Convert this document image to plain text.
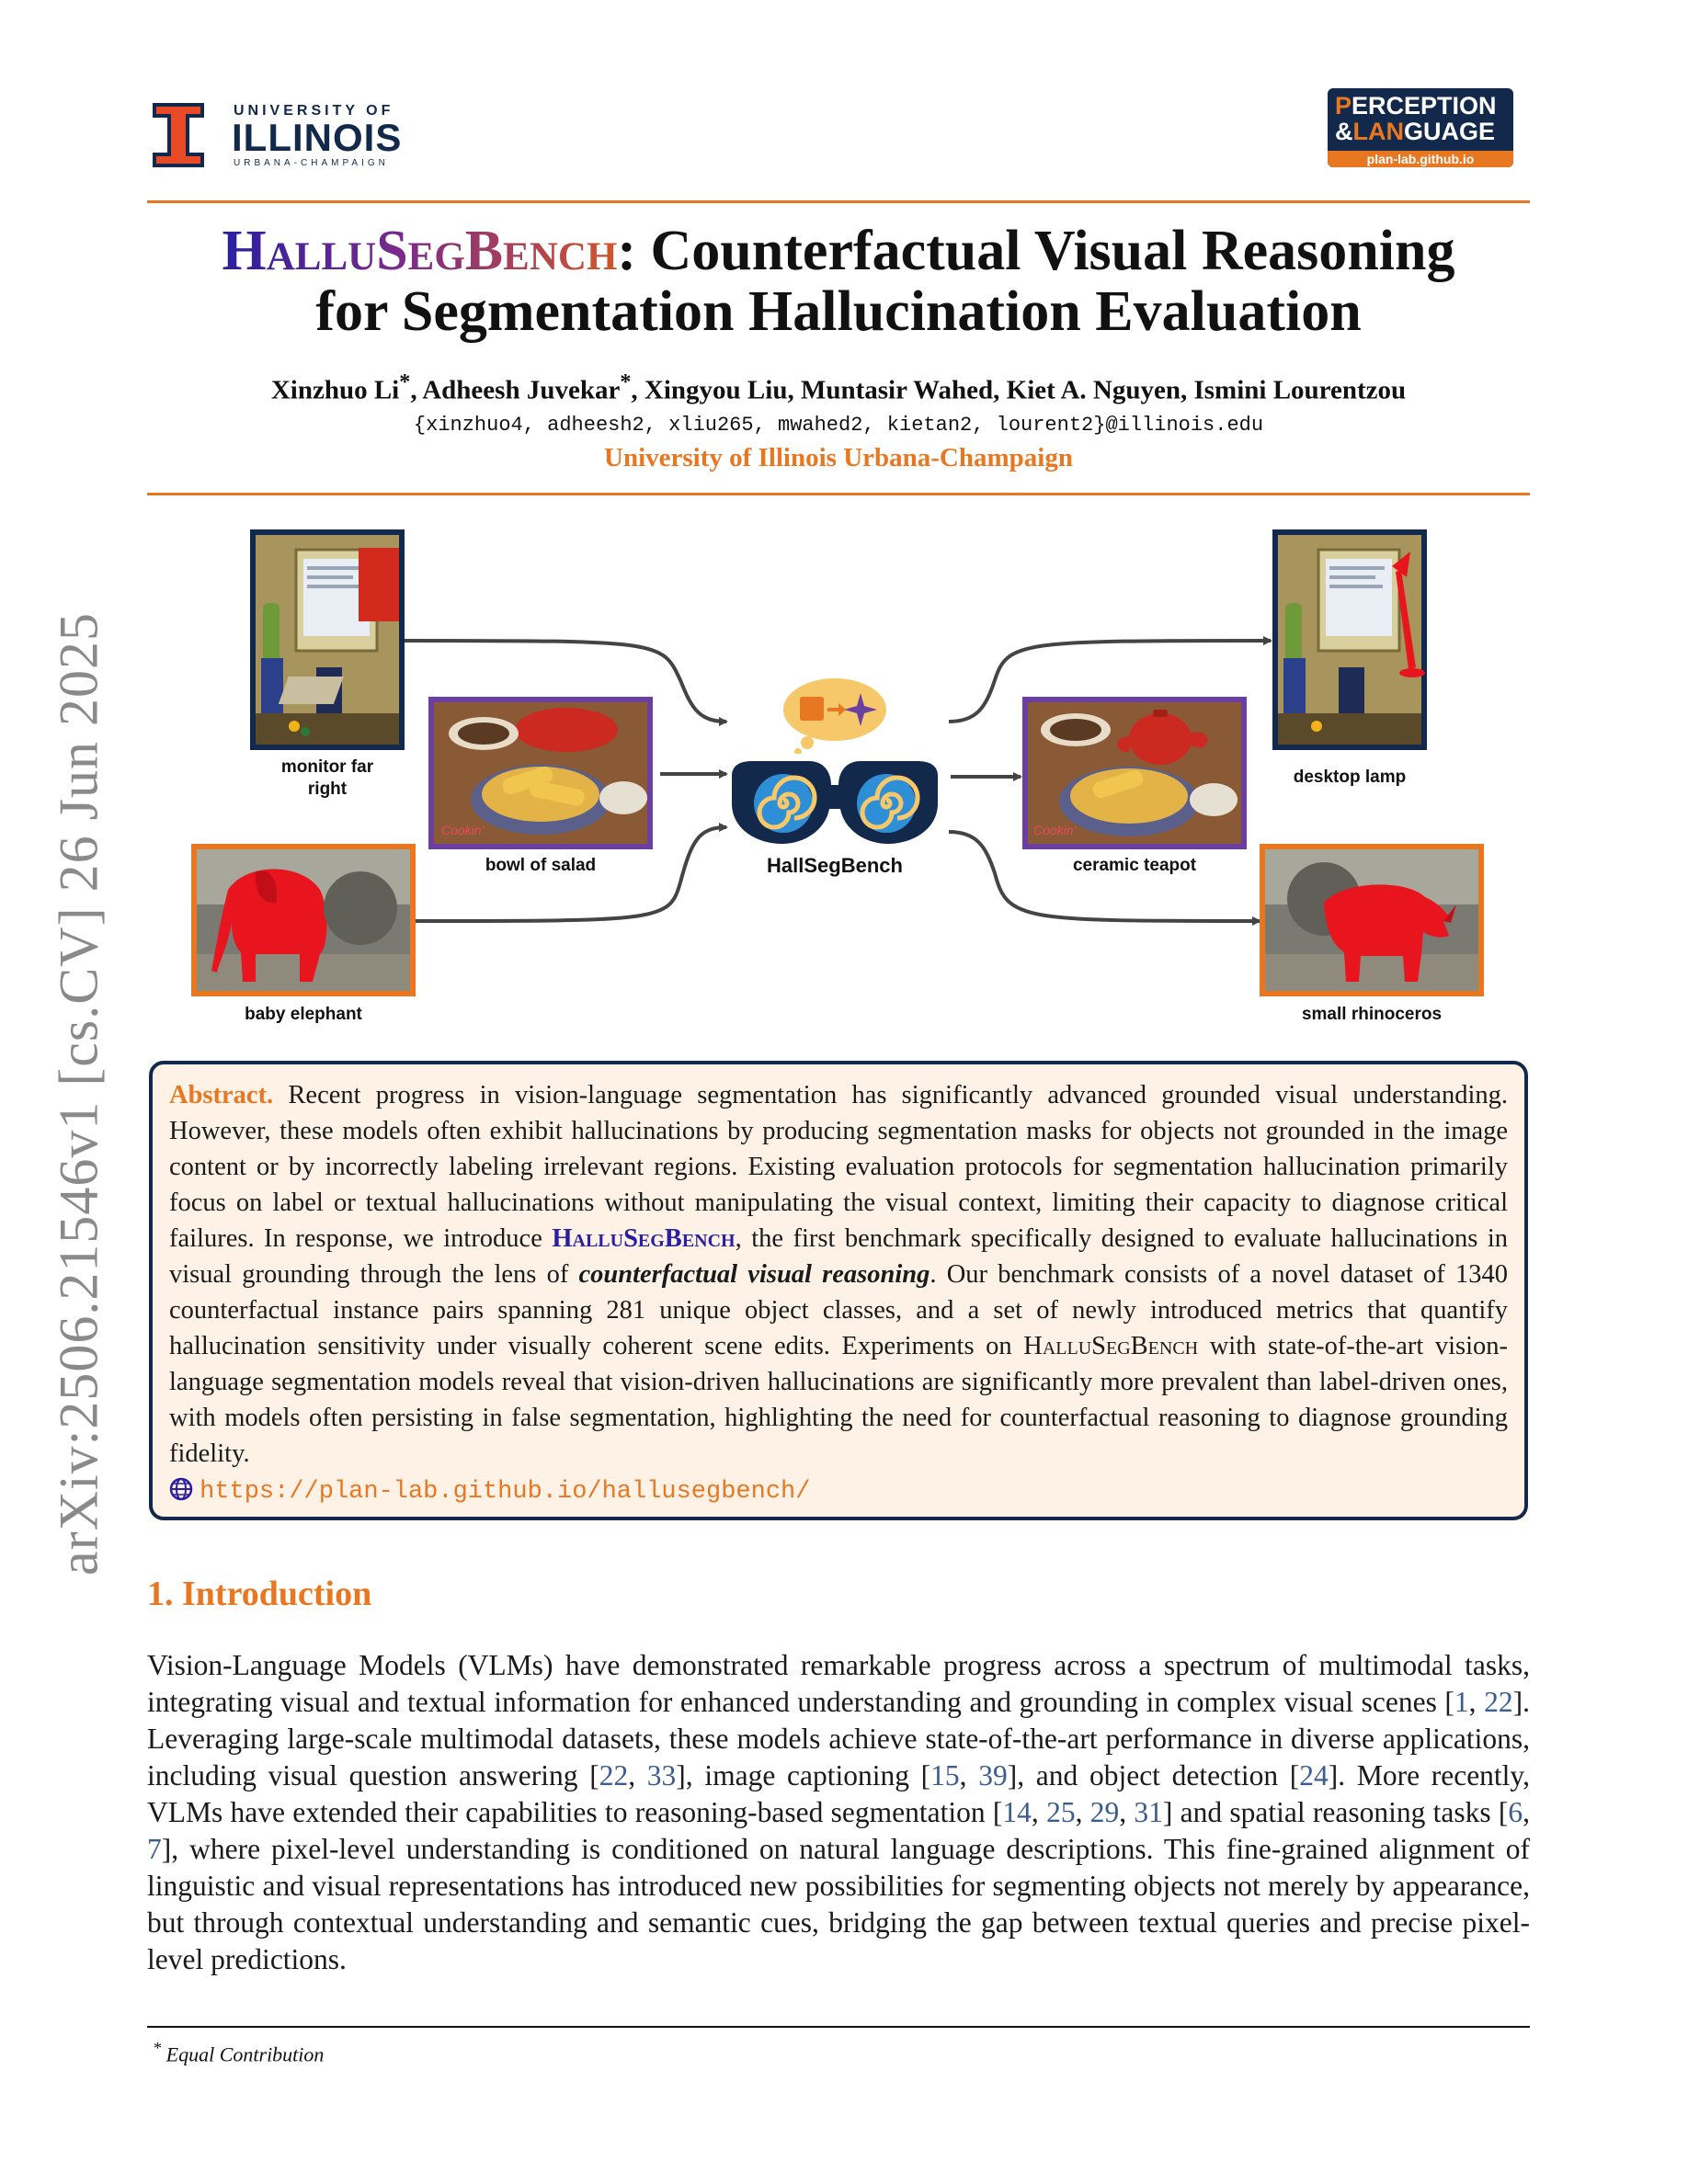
arXiv:2506.21546v1 [cs.CV] 26 Jun 2025
UNIVERSITY OF
ILLINOIS
URBANA-CHAMPAIGN
PERCEPTION
&LANGUAGE
plan-lab.github.io
HalluSegBench: Counterfactual Visual Reasoning
for Segmentation Hallucination Evaluation
Xinzhuo Li*, Adheesh Juvekar*, Xingyou Liu, Muntasir Wahed, Kiet A. Nguyen, Ismini Lourentzou
{xinzhuo4, adheesh2, xliu265, mwahed2, kietan2, lourent2}@illinois.edu
University of Illinois Urbana-Champaign
monitor far
right
Cookin'
bowl of salad
baby elephant
HallSegBench
desktop lamp
Cookin'
ceramic teapot
small rhinoceros
Abstract. Recent progress in vision-language segmentation has significantly advanced grounded visual understanding. However, these models often exhibit hallucinations by producing segmentation masks for objects not grounded in the image content or by incorrectly labeling irrelevant regions. Existing evaluation protocols for segmentation hallucination primarily focus on label or textual hallucinations without manipulating the visual context, limiting their capacity to diagnose critical failures. In response, we introduce HalluSegBench, the first benchmark specifically designed to evaluate hallucinations in visual grounding through the lens of counterfactual visual reasoning. Our benchmark consists of a novel dataset of 1340 counterfactual instance pairs spanning 281 unique object classes, and a set of newly introduced metrics that quantify hallucination sensitivity under visually coherent scene edits. Experiments on HalluSegBench with state-of-the-art vision-language segmentation models reveal that vision-driven hallucinations are significantly more prevalent than label-driven ones, with models often persisting in false segmentation, highlighting the need for counterfactual reasoning to diagnose grounding fidelity.
https://plan-lab.github.io/hallusegbench/
1. Introduction
Vision-Language Models (VLMs) have demonstrated remarkable progress across a spectrum of multimodal tasks, integrating visual and textual information for enhanced understanding and grounding in complex visual scenes [1, 22]. Leveraging large-scale multimodal datasets, these models achieve state-of-the-art performance in diverse applications, including visual question answering [22, 33], image captioning [15, 39], and object detection [24]. More recently, VLMs have extended their capabilities to reasoning-based segmentation [14, 25, 29, 31] and spatial reasoning tasks [6, 7], where pixel-level understanding is conditioned on natural language descriptions. This fine-grained alignment of linguistic and visual representations has introduced new possibilities for segmenting objects not merely by appearance, but through contextual understanding and semantic cues, bridging the gap between textual queries and precise pixel-level predictions.
* Equal Contribution
